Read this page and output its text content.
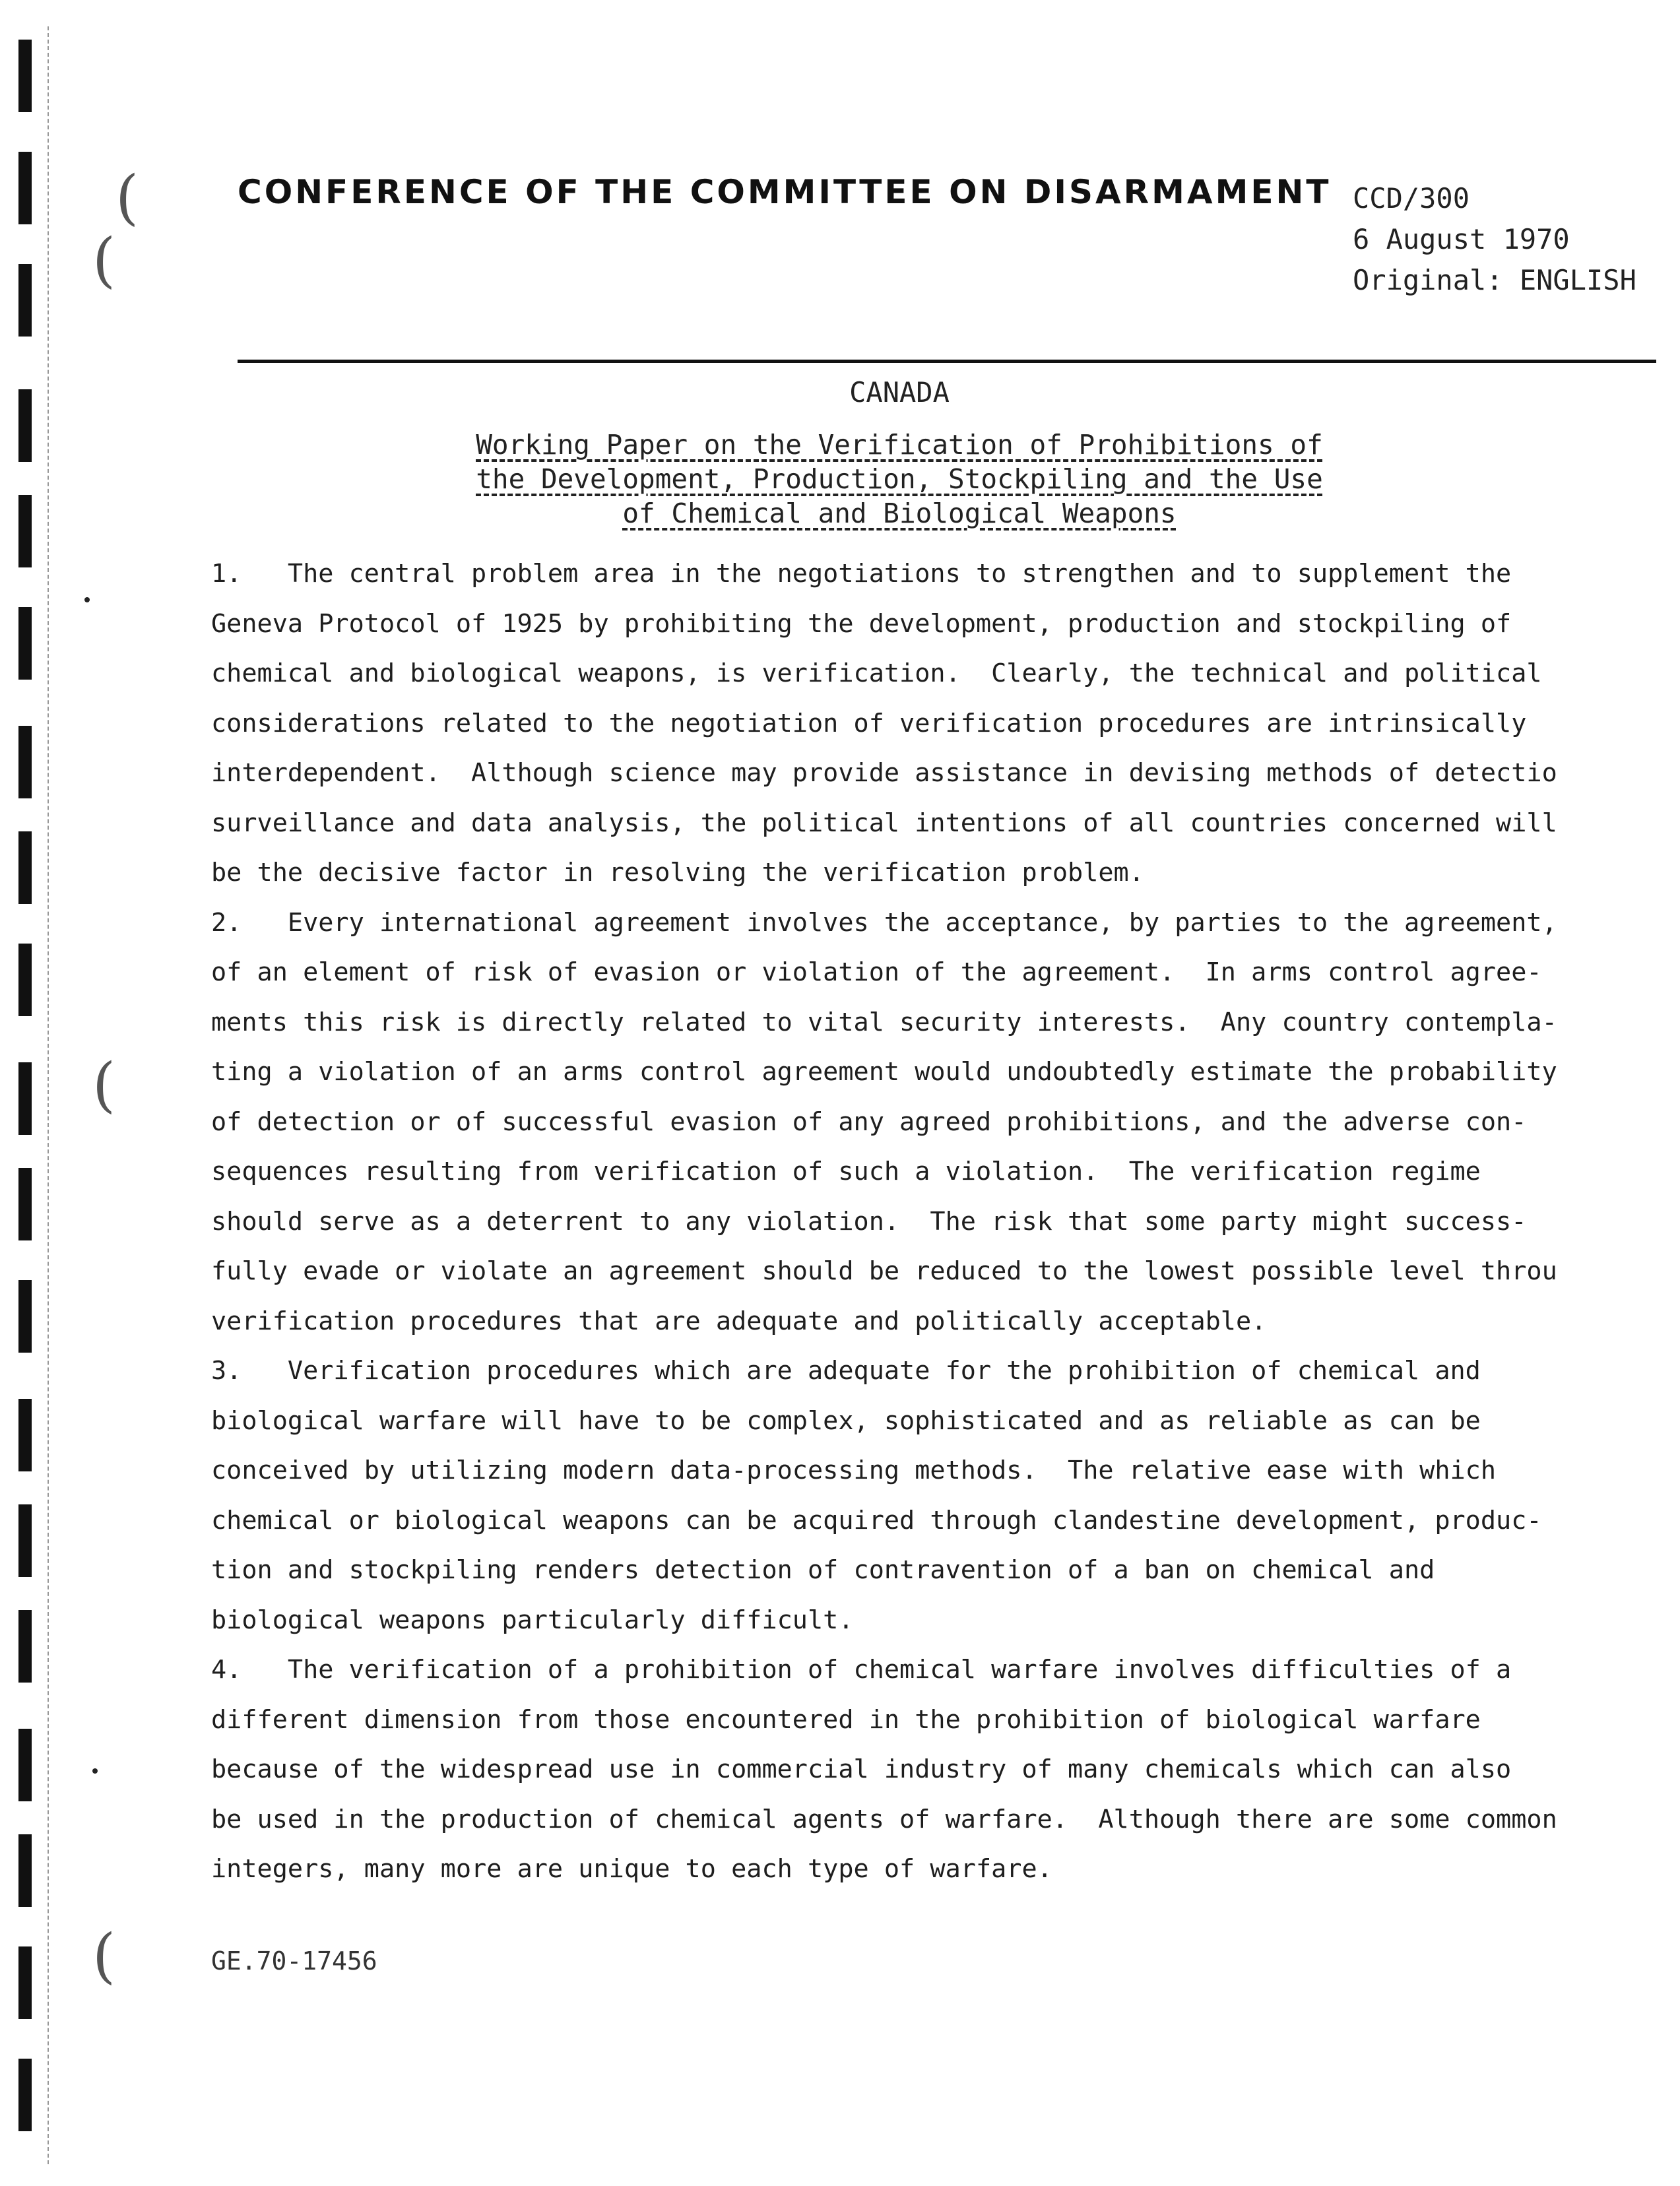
(
(
(
(
CONFERENCE OF THE COMMITTEE ON DISARMAMENT CCD/300
6 August 1970
Original: ENGLISH
CANADA
Working Paper on the Verification of Prohibitions of
the Development, Production, Stockpiling and the Use
of Chemical and Biological Weapons
1.   The central problem area in the negotiations to strengthen and to supplement the
Geneva Protocol of 1925 by prohibiting the development, production and stockpiling of
chemical and biological weapons, is verification.  Clearly, the technical and political
considerations related to the negotiation of verification procedures are intrinsically
interdependent.  Although science may provide assistance in devising methods of detectio
surveillance and data analysis, the political intentions of all countries concerned will
be the decisive factor in resolving the verification problem.
2.   Every international agreement involves the acceptance, by parties to the agreement,
of an element of risk of evasion or violation of the agreement.  In arms control agree-
ments this risk is directly related to vital security interests.  Any country contempla-
ting a violation of an arms control agreement would undoubtedly estimate the probability
of detection or of successful evasion of any agreed prohibitions, and the adverse con-
sequences resulting from verification of such a violation.  The verification regime
should serve as a deterrent to any violation.  The risk that some party might success-
fully evade or violate an agreement should be reduced to the lowest possible level throu
verification procedures that are adequate and politically acceptable.
3.   Verification procedures which are adequate for the prohibition of chemical and
biological warfare will have to be complex, sophisticated and as reliable as can be
conceived by utilizing modern data-processing methods.  The relative ease with which
chemical or biological weapons can be acquired through clandestine development, produc-
tion and stockpiling renders detection of contravention of a ban on chemical and
biological weapons particularly difficult.
4.   The verification of a prohibition of chemical warfare involves difficulties of a
different dimension from those encountered in the prohibition of biological warfare
because of the widespread use in commercial industry of many chemicals which can also
be used in the production of chemical agents of warfare.  Although there are some common
integers, many more are unique to each type of warfare.
GE.70-17456
